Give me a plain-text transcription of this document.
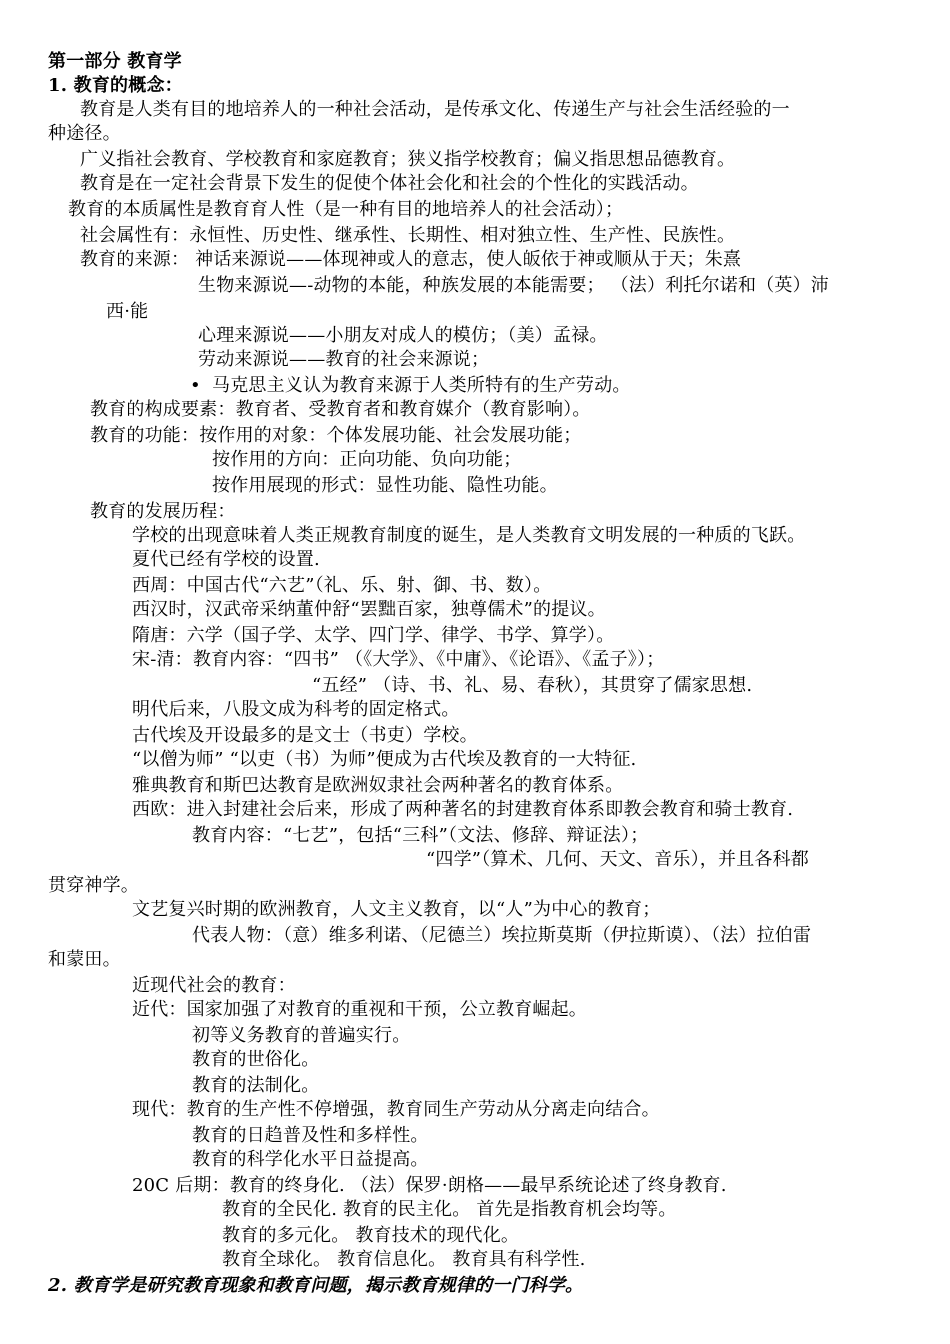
第一部分 教育学
1. 教育的概念：
教育是人类有目的地培养人的一种社会活动，是传承文化、传递生产与社会生活经验的一
种途径。
广义指社会教育、学校教育和家庭教育；狭义指学校教育；偏义指思想品德教育。
教育是在一定社会背景下发生的促使个体社会化和社会的个性化的实践活动。
教育的本质属性是教育育人性（是一种有目的地培养人的社会活动）；
社会属性有：永恒性、历史性、继承性、长期性、相对独立性、生产性、民族性。
教育的来源： 神话来源说——体现神或人的意志，使人皈依于神或顺从于天；朱熹
生物来源说—-动物的本能，种族发展的本能需要； （法）利托尔诺和（英）沛
西·能
心理来源说——小朋友对成人的模仿；（美）孟禄。
劳动来源说——教育的社会来源说；
• 马克思主义认为教育来源于人类所特有的生产劳动。
教育的构成要素：教育者、受教育者和教育媒介（教育影响）。
教育的功能：按作用的对象：个体发展功能、社会发展功能；
按作用的方向：正向功能、负向功能；
按作用展现的形式：显性功能、隐性功能。
教育的发展历程：
学校的出现意味着人类正规教育制度的诞生，是人类教育文明发展的一种质的飞跃。
夏代已经有学校的设置.
西周：中国古代“六艺”（礼、乐、射、御、书、数）。
西汉时，汉武帝采纳董仲舒“罢黜百家，独尊儒术”的提议。
隋唐：六学（国子学、太学、四门学、律学、书学、算学）。
宋-清：教育内容：“四书” （《大学》、《中庸》、《论语》、《孟子》）；
“五经” （诗、书、礼、易、春秋），其贯穿了儒家思想.
明代后来，八股文成为科考的固定格式。
古代埃及开设最多的是文士（书吏）学校。
“以僧为师” “以吏（书）为师”便成为古代埃及教育的一大特征.
雅典教育和斯巴达教育是欧洲奴隶社会两种著名的教育体系。
西欧：进入封建社会后来，形成了两种著名的封建教育体系即教会教育和骑士教育.
教育内容：“七艺”，包括“三科”（文法、修辞、辩证法）；
“四学”（算术、几何、天文、音乐），并且各科都
贯穿神学。
文艺复兴时期的欧洲教育，人文主义教育，以“人”为中心的教育；
代表人物：（意）维多利诺、（尼德兰）埃拉斯莫斯（伊拉斯谟）、（法）拉伯雷
和蒙田。
近现代社会的教育：
近代：国家加强了对教育的重视和干预，公立教育崛起。
初等义务教育的普遍实行。
教育的世俗化。
教育的法制化。
现代：教育的生产性不停增强，教育同生产劳动从分离走向结合。
教育的日趋普及性和多样性。
教育的科学化水平日益提高。
20C 后期：教育的终身化. （法）保罗·朗格——最早系统论述了终身教育.
教育的全民化. 教育的民主化。 首先是指教育机会均等。
教育的多元化。 教育技术的现代化。
教育全球化。 教育信息化。 教育具有科学性.
2. 教育学是研究教育现象和教育问题，揭示教育规律的一门科学。
